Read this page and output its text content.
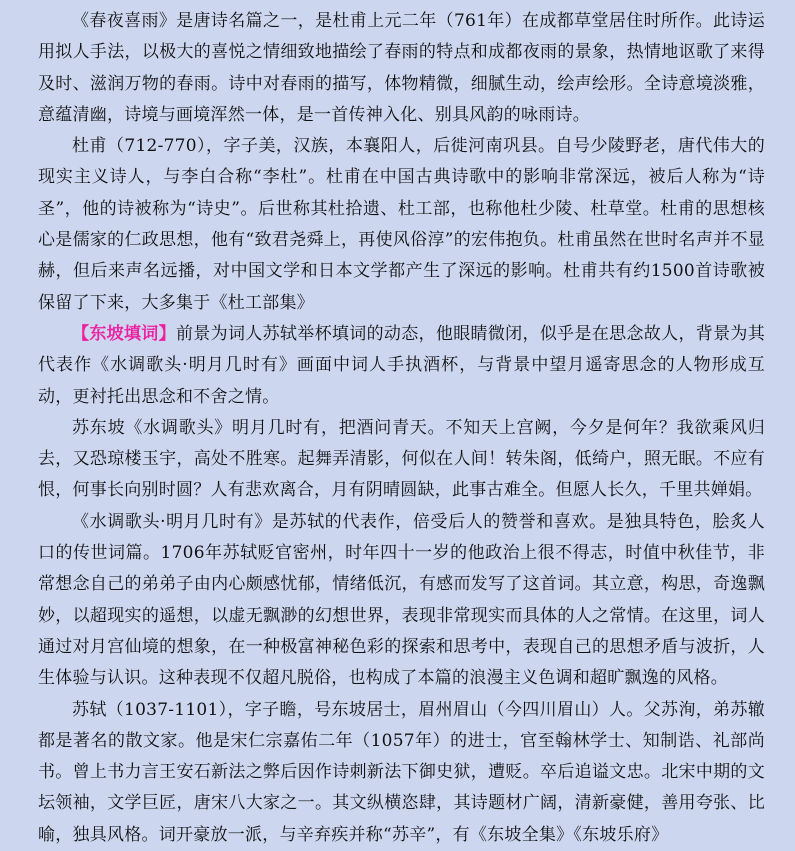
《春夜喜雨》是唐诗名篇之一，是杜甫上元二年（761年）在成都草堂居住时所作。此诗运用拟人手法，以极大的喜悦之情细致地描绘了春雨的特点和成都夜雨的景象，热情地讴歌了来得及时、滋润万物的春雨。诗中对春雨的描写，体物精微，细腻生动，绘声绘形。全诗意境淡雅，意蕴清幽，诗境与画境浑然一体，是一首传神入化、别具风韵的咏雨诗。

杜甫（712-770），字子美，汉族，本襄阳人，后徙河南巩县。自号少陵野老，唐代伟大的现实主义诗人，与李白合称“李杜”。杜甫在中国古典诗歌中的影响非常深远，被后人称为“诗圣”，他的诗被称为“诗史”。后世称其杜拾遗、杜工部，也称他杜少陵、杜草堂。杜甫的思想核心是儒家的仁政思想，他有“致君尧舜上，再使风俗淳”的宏伟抱负。杜甫虽然在世时名声并不显赫，但后来声名远播，对中国文学和日本文学都产生了深远的影响。杜甫共有约1500首诗歌被保留了下来，大多集于《杜工部集》

【东坡填词】前景为词人苏轼举杯填词的动态，他眼睛微闭，似乎是在思念故人，背景为其代表作《水调歌头·明月几时有》画面中词人手执酒杯，与背景中望月遥寄思念的人物形成互动，更衬托出思念和不舍之情。

苏东坡《水调歌头》明月几时有，把酒问青天。不知天上宫阙，今夕是何年？我欲乘风归去，又恐琼楼玉宇，高处不胜寒。起舞弄清影，何似在人间！转朱阁，低绮户，照无眠。不应有恨，何事长向别时圆？人有悲欢离合，月有阴晴圆缺，此事古难全。但愿人长久，千里共婵娟。

《水调歌头·明月几时有》是苏轼的代表作，倍受后人的赞誉和喜欢。是独具特色，脍炙人口的传世词篇。1706年苏轼贬官密州，时年四十一岁的他政治上很不得志，时值中秋佳节，非常想念自己的弟弟子由内心颇感忧郁，情绪低沉，有感而发写了这首词。其立意，构思，奇逸飘妙，以超现实的遥想，以虚无飘渺的幻想世界，表现非常现实而具体的人之常情。在这里，词人通过对月宫仙境的想象，在一种极富神秘色彩的探索和思考中，表现自己的思想矛盾与波折，人生体验与认识。这种表现不仅超凡脱俗，也构成了本篇的浪漫主义色调和超旷飘逸的风格。

苏轼（1037-1101），字子瞻，号东坡居士，眉州眉山（今四川眉山）人。父苏洵，弟苏辙都是著名的散文家。他是宋仁宗嘉佑二年（1057年）的进士，官至翰林学士、知制诰、礼部尚书。曾上书力言王安石新法之弊后因作诗刺新法下御史狱，遭贬。卒后追谥文忠。北宋中期的文坛领袖，文学巨匠，唐宋八大家之一。其文纵横恣肆，其诗题材广阔，清新豪健，善用夸张、比喻，独具风格。词开豪放一派，与辛弃疾并称“苏辛”，有《东坡全集》《东坡乐府》
